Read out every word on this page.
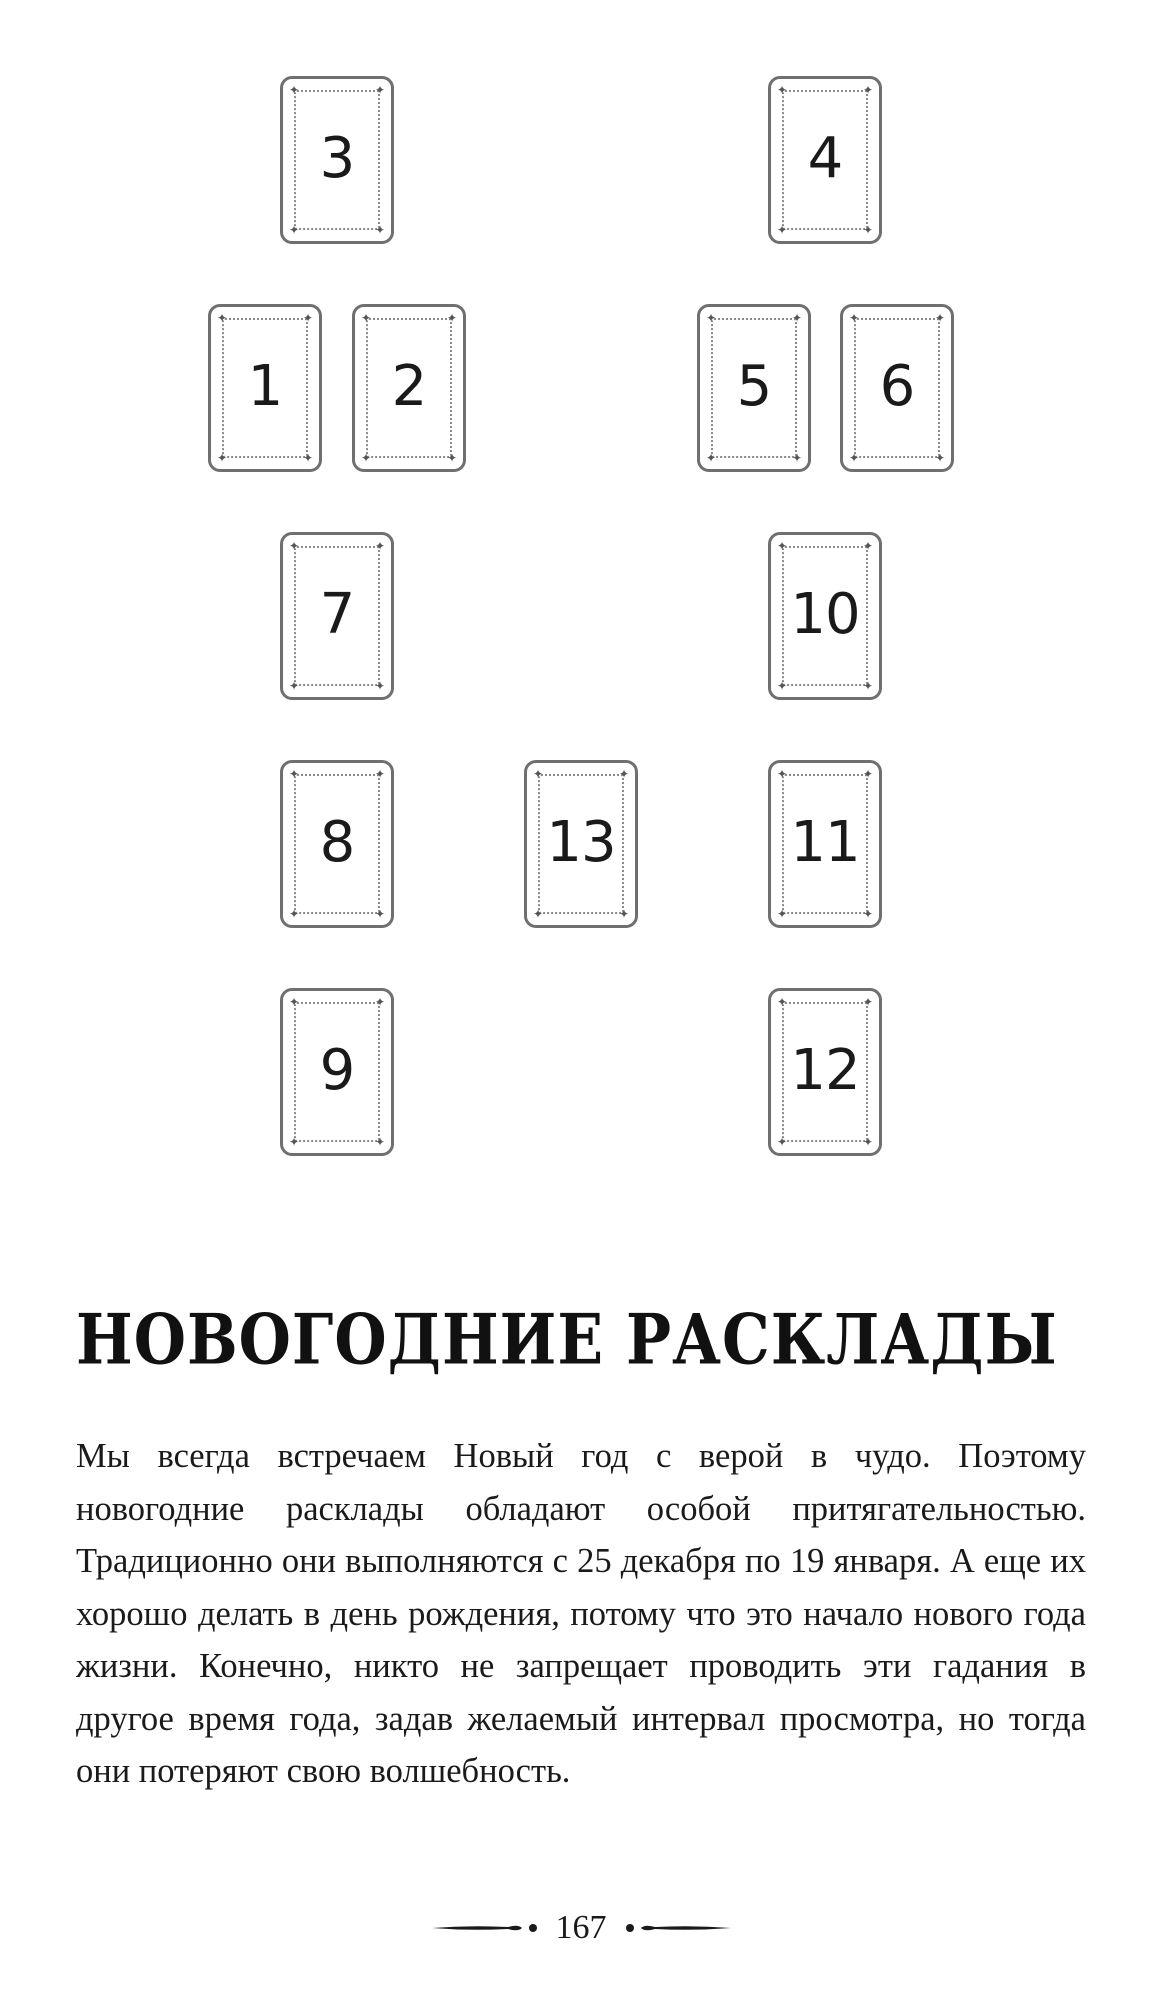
✦	✦
✦	✦
3
✦	✦
✦	✦
4
✦	✦
✦	✦
1
✦	✦
✦	✦
2
✦	✦
✦	✦
5
✦	✦
✦	✦
6
✦	✦
✦	✦
7
✦	✦
✦	✦
10
✦	✦
✦	✦
8
✦	✦
✦	✦
13
✦	✦
✦	✦
11
✦	✦
✦	✦
9
✦	✦
✦	✦
12
НОВОГОДНИЕ РАСКЛАДЫ

Мы всегда встречаем Новый год с верой в чудо. Поэтому новогодние расклады обладают особой притягательностью. Традиционно они выполняются с 25 декабря по 19 января. А еще их хорошо делать в день рождения, потому что это начало нового года жизни. Конечно, никто не запрещает проводить эти гадания в другое время года, задав желаемый интервал просмотра, но тогда они потеряют свою волшебность.

167
